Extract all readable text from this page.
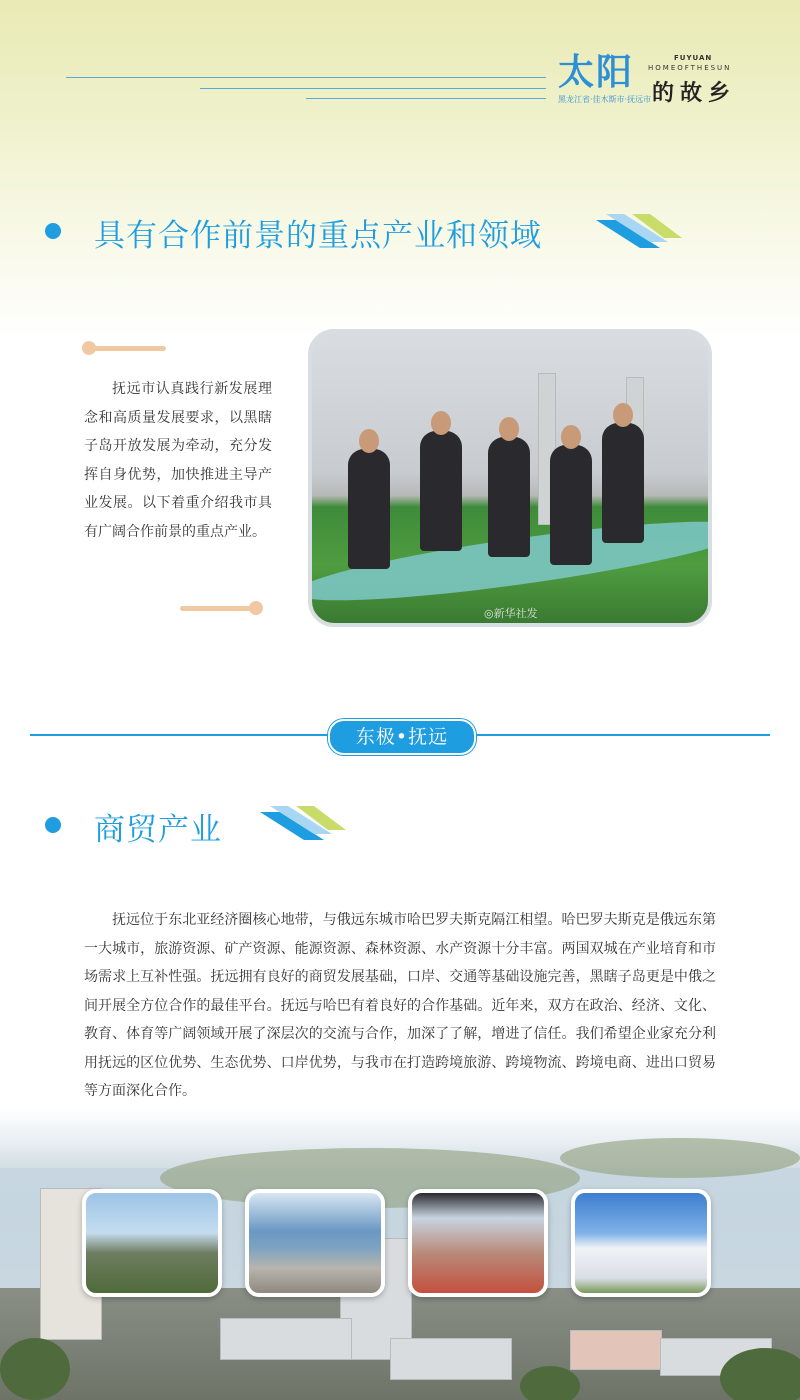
太阳	FUYUAN
HOMEOFTHESUN
的故乡
黑龙江省·佳木斯市·抚远市
具有合作前景的重点产业和领域
抚远市认真践行新发展理念和高质量发展要求，以黑瞎子岛开放发展为牵动，充分发挥自身优势，加快推进主导产业发展。以下着重介绍我市具有广阔合作前景的重点产业。
◎新华社发
东极•抚远
商贸产业
抚远位于东北亚经济圈核心地带，与俄远东城市哈巴罗夫斯克隔江相望。哈巴罗夫斯克是俄远东第一大城市，旅游资源、矿产资源、能源资源、森林资源、水产资源十分丰富。两国双城在产业培育和市场需求上互补性强。抚远拥有良好的商贸发展基础，口岸、交通等基础设施完善，黑瞎子岛更是中俄之间开展全方位合作的最佳平台。抚远与哈巴有着良好的合作基础。近年来，双方在政治、经济、文化、教育、体育等广阔领域开展了深层次的交流与合作，加深了了解，增进了信任。我们希望企业家充分利用抚远的区位优势、生态优势、口岸优势，与我市在打造跨境旅游、跨境物流、跨境电商、进出口贸易等方面深化合作。
